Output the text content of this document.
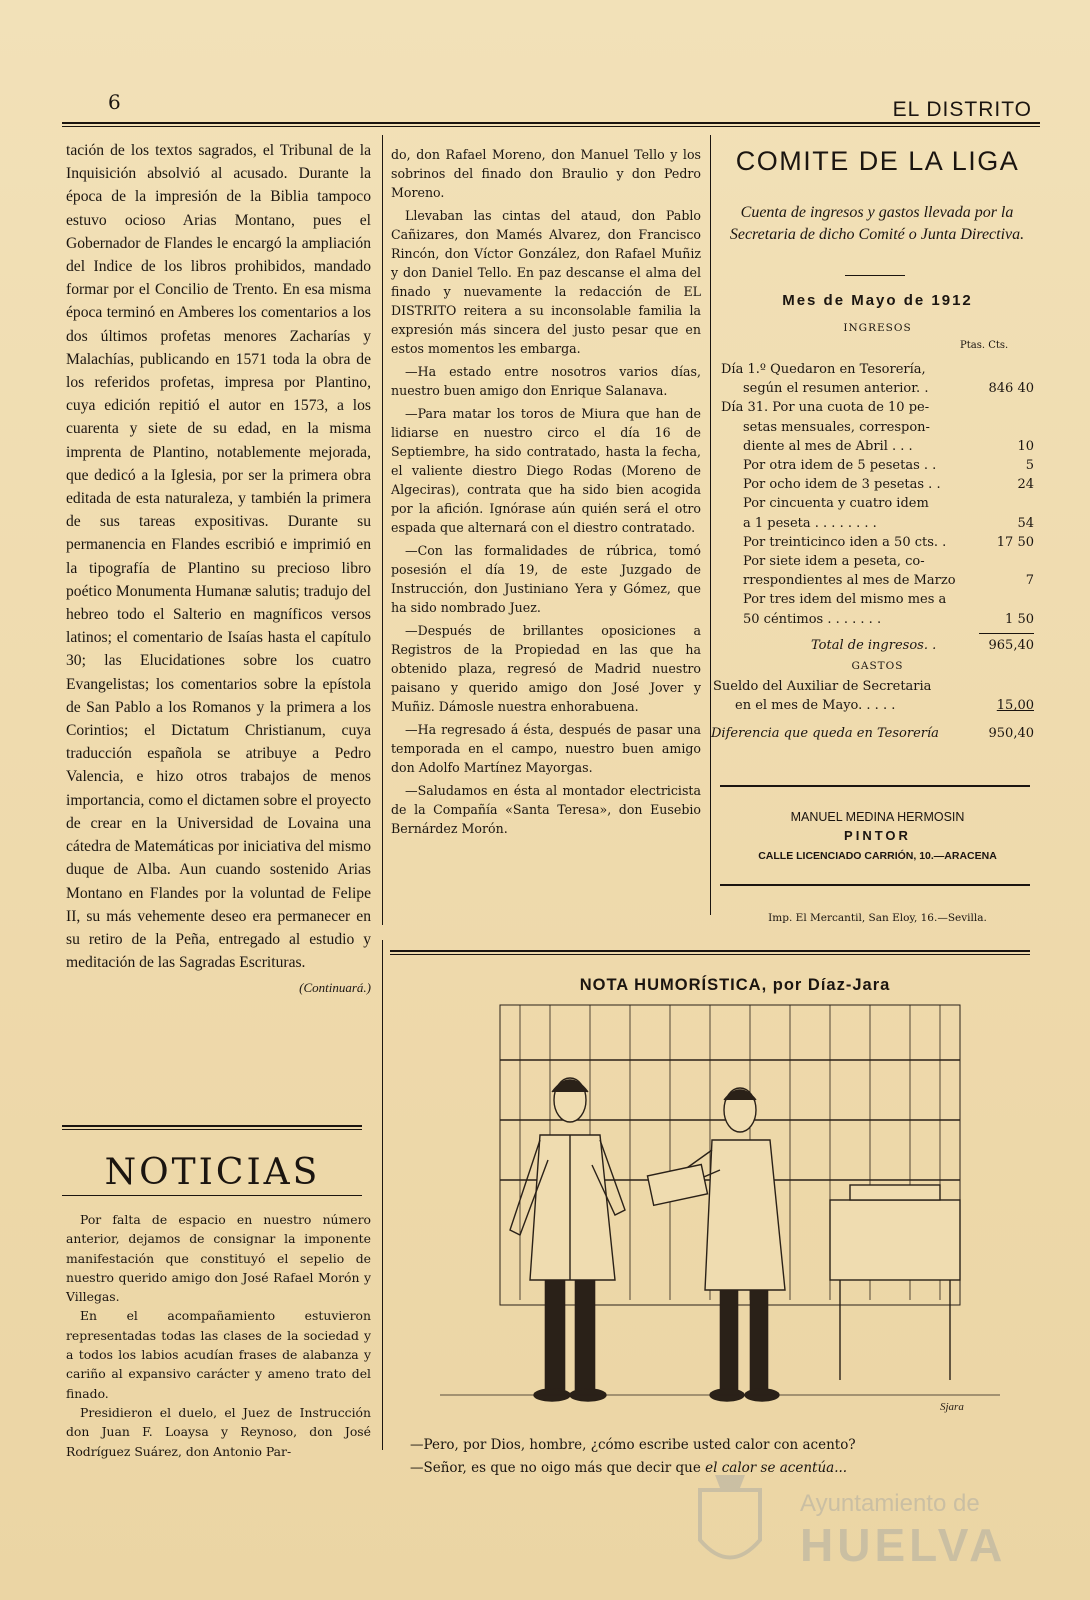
6	EL DISTRITO

tación de los textos sagrados, el Tribunal de la Inquisición absolvió al acusado. Durante la época de la impresión de la Biblia tampoco estuvo ocioso Arias Montano, pues el Gobernador de Flandes le encargó la ampliación del Indice de los libros prohibidos, mandado formar por el Concilio de Trento. En esa misma época terminó en Amberes los comentarios a los dos últimos profetas menores Zacharías y Malachías, publicando en 1571 toda la obra de los referidos profetas, impresa por Plantino, cuya edición repitió el autor en 1573, a los cuarenta y siete de su edad, en la misma imprenta de Plantino, notablemente mejorada, que dedicó a la Iglesia, por ser la primera obra editada de esta naturaleza, y también la primera de sus tareas expositivas. Durante su permanencia en Flandes escribió e imprimió en la tipografía de Plantino su precioso libro poético Monumenta Humanæ salutis; tradujo del hebreo todo el Salterio en magníficos versos latinos; el comentario de Isaías hasta el capítulo 30; las Elucidationes sobre los cuatro Evangelistas; los comentarios sobre la epístola de San Pablo a los Romanos y la primera a los Corintios; el Dictatum Christianum, cuya traducción española se atribuye a Pedro Valencia, e hizo otros trabajos de menos importancia, como el dictamen sobre el proyecto de crear en la Universidad de Lovaina una cátedra de Matemáticas por iniciativa del mismo duque de Alba. Aun cuando sostenido Arias Montano en Flandes por la voluntad de Felipe II, su más vehemente deseo era permanecer en su retiro de la Peña, entregado al estudio y meditación de las Sagradas Escrituras.

(Continuará.)
NOTICIAS

Por falta de espacio en nuestro número anterior, dejamos de consignar la imponente manifestación que constituyó el sepelio de nuestro querido amigo don José Rafael Morón y Villegas.

En el acompañamiento estuvieron representadas todas las clases de la sociedad y a todos los labios acudían frases de alabanza y cariño al expansivo carácter y ameno trato del finado.

Presidieron el duelo, el Juez de Instrucción don Juan F. Loaysa y Reynoso, don José Rodríguez Suárez, don Antonio Par-

do, don Rafael Moreno, don Manuel Tello y los sobrinos del finado don Braulio y don Pedro Moreno.

Llevaban las cintas del ataud, don Pablo Cañizares, don Mamés Alvarez, don Francisco Rincón, don Víctor González, don Rafael Muñiz y don Daniel Tello. En paz descanse el alma del finado y nuevamente la redacción de EL DISTRITO reitera a su inconsolable familia la expresión más sincera del justo pesar que en estos momentos les embarga.

—Ha estado entre nosotros varios días, nuestro buen amigo don Enrique Salanava.

—Para matar los toros de Miura que han de lidiarse en nuestro circo el día 16 de Septiembre, ha sido contratado, hasta la fecha, el valiente diestro Diego Rodas (Moreno de Algeciras), contrata que ha sido bien acogida por la afición. Ignórase aún quién será el otro espada que alternará con el diestro contratado.

—Con las formalidades de rúbrica, tomó posesión el día 19, de este Juzgado de Instrucción, don Justiniano Yera y Gómez, que ha sido nombrado Juez.

—Después de brillantes oposiciones a Registros de la Propiedad en las que ha obtenido plaza, regresó de Madrid nuestro paisano y querido amigo don José Jover y Muñiz. Dámosle nuestra enhorabuena.

—Ha regresado á ésta, después de pasar una temporada en el campo, nuestro buen amigo don Adolfo Martínez Mayorgas.

—Saludamos en ésta al montador electricista de la Compañía «Santa Teresa», don Eusebio Bernárdez Morón.

COMITE DE LA LIGA
Cuenta de ingresos y gastos llevada por la Secretaria de dicho Comité o Junta Directiva.
Mes de Mayo de 1912
INGRESOS
Ptas. Cts.
Día 1.º Quedaron en Tesorería,
según el resumen anterior. .	846 40
Día 31. Por una cuota de 10 pe-
setas mensuales, correspon-
diente al mes de Abril . . .	10
Por otra idem de 5 pesetas . .	5
Por ocho idem de 3 pesetas . .	24
Por cincuenta y cuatro idem
a 1 peseta . . . . . . . .	54
Por treinticinco iden a 50 cts. .	17 50
Por siete idem a peseta, co-
rrespondientes al mes de Marzo	7
Por tres idem del mismo mes a
50 céntimos . . . . . . .	1 50
Total de ingresos. .	965,40
GASTOS
Sueldo del Auxiliar de Secretaria
en el mes de Mayo. . . . .	15,00
Diferencia que queda en Tesorería	950,40
MANUEL MEDINA HERMOSIN
PINTOR
CALLE LICENCIADO CARRIÓN, 10.—ARACENA
Imp. El Mercantil, San Eloy, 16.—Sevilla.
NOTA HUMORÍSTICA, por Díaz-Jara
Sjara
—Pero, por Dios, hombre, ¿cómo escribe usted calor con acento?
—Señor, es que no oigo más que decir que el calor se acentúa...
Ayuntamiento de
HUELVA
